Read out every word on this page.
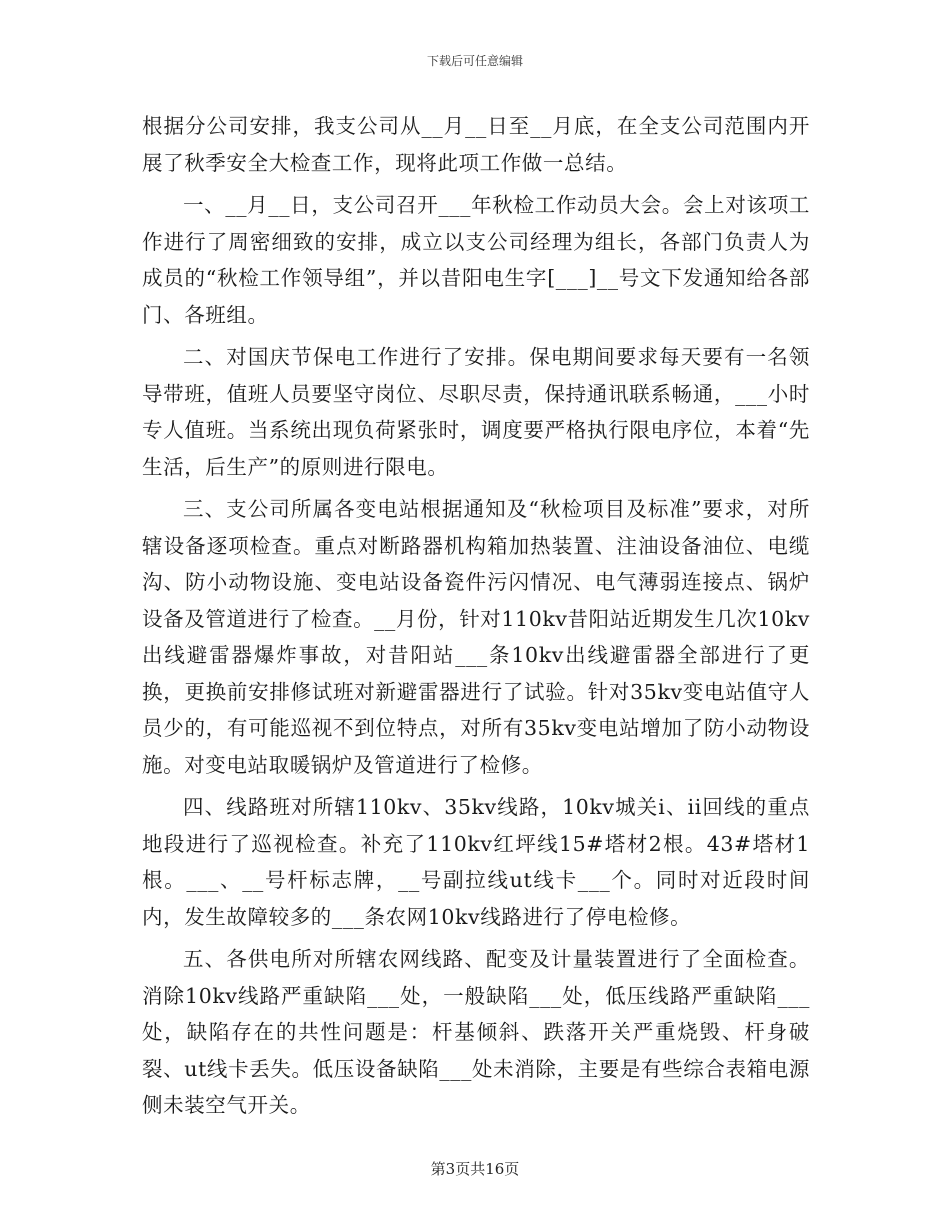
下载后可任意编辑

根据分公司安排，我支公司从__月__日至__月底，在全支公司范围内开展了秋季安全大检查工作，现将此项工作做一总结。

一、__月__日，支公司召开___年秋检工作动员大会。会上对该项工作进行了周密细致的安排，成立以支公司经理为组长，各部门负责人为成员的“秋检工作领导组”，并以昔阳电生字[___]__号文下发通知给各部门、各班组。

二、对国庆节保电工作进行了安排。保电期间要求每天要有一名领导带班，值班人员要坚守岗位、尽职尽责，保持通讯联系畅通，___小时专人值班。当系统出现负荷紧张时，调度要严格执行限电序位，本着“先生活，后生产”的原则进行限电。

三、支公司所属各变电站根据通知及“秋检项目及标准”要求，对所辖设备逐项检查。重点对断路器机构箱加热装置、注油设备油位、电缆沟、防小动物设施、变电站设备瓷件污闪情况、电气薄弱连接点、锅炉设备及管道进行了检查。__月份，针对110kv昔阳站近期发生几次10kv出线避雷器爆炸事故，对昔阳站___条10kv出线避雷器全部进行了更换，更换前安排修试班对新避雷器进行了试验。针对35kv变电站值守人员少的，有可能巡视不到位特点，对所有35kv变电站增加了防小动物设施。对变电站取暖锅炉及管道进行了检修。

四、线路班对所辖110kv、35kv线路，10kv城关i、ii回线的重点地段进行了巡视检查。补充了110kv红坪线15#塔材2根。43#塔材1根。___、__号杆标志牌，__号副拉线ut线卡___个。同时对近段时间内，发生故障较多的___条农网10kv线路进行了停电检修。

五、各供电所对所辖农网线路、配变及计量装置进行了全面检查。消除10kv线路严重缺陷___处，一般缺陷___处，低压线路严重缺陷___处，缺陷存在的共性问题是：杆基倾斜、跌落开关严重烧毁、杆身破裂、ut线卡丢失。低压设备缺陷___处未消除，主要是有些综合表箱电源侧未装空气开关。

第3页共16页
